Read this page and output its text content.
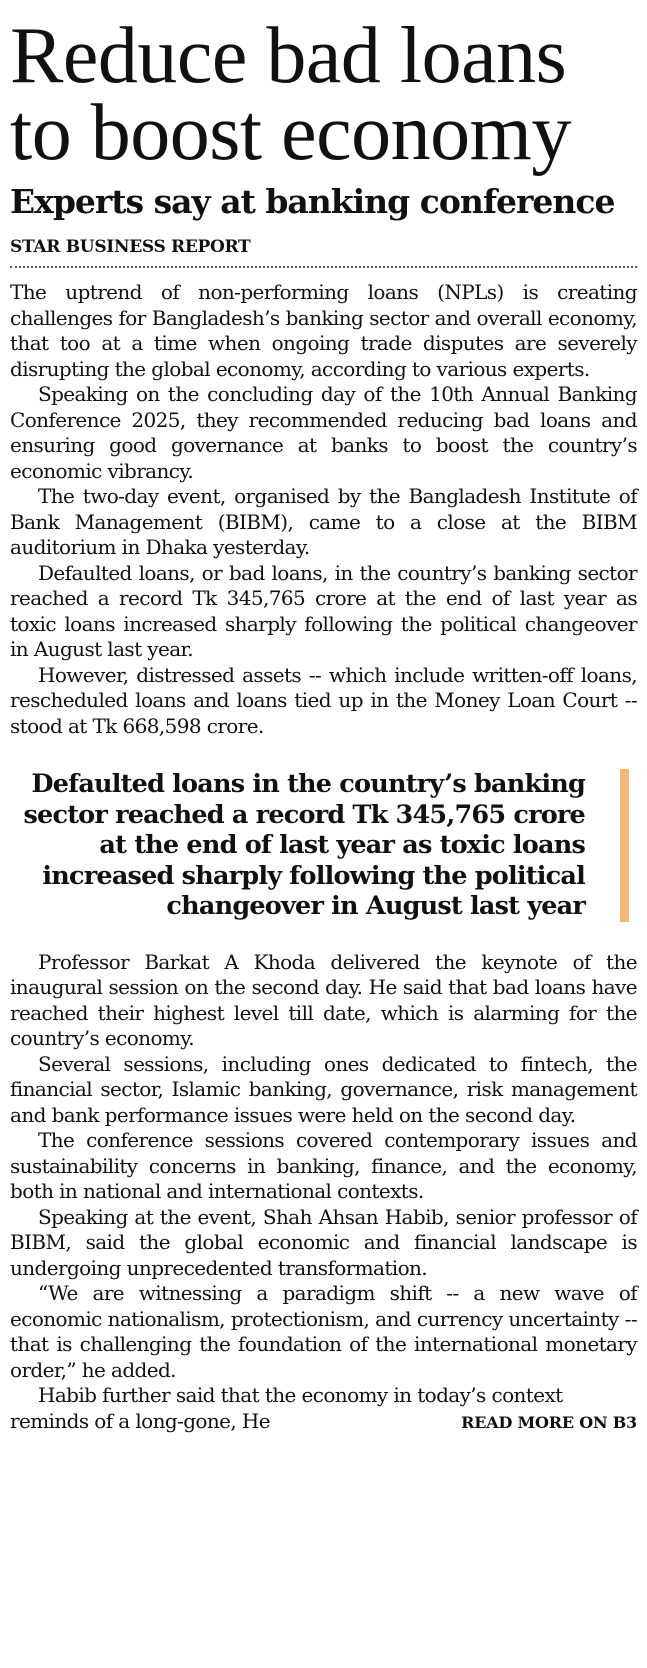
Reduce bad loans
to boost economy
Experts say at banking conference
STAR BUSINESS REPORT

The uptrend of non-performing loans (NPLs) is creating challenges for Bangladesh’s banking sector and overall economy, that too at a time when ongoing trade disputes are severely disrupting the global economy, according to various experts.

Speaking on the concluding day of the 10th Annual Banking Conference 2025, they recommended reducing bad loans and ensuring good governance at banks to boost the country’s economic vibrancy.

The two-day event, organised by the Bangladesh Institute of Bank Management (BIBM), came to a close at the BIBM auditorium in Dhaka yesterday.

Defaulted loans, or bad loans, in the country’s banking sector reached a record Tk 345,765 crore at the end of last year as toxic loans increased sharply following the political changeover in August last year.

However, distressed assets -- which include written-off loans, rescheduled loans and loans tied up in the Money Loan Court -- stood at Tk 668,598 crore.

Defaulted loans in the country’s banking sector reached a record Tk 345,765 crore at the end of last year as toxic loans increased sharply following the political changeover in August last year

Professor Barkat A Khoda delivered the keynote of the inaugural session on the second day. He said that bad loans have reached their highest level till date, which is alarming for the country’s economy.

Several sessions, including ones dedicated to fintech, the financial sector, Islamic banking, governance, risk management and bank performance issues were held on the second day.

The conference sessions covered contemporary issues and sustainability concerns in banking, finance, and the economy, both in national and international contexts.

Speaking at the event, Shah Ahsan Habib, senior professor of BIBM, said the global economic and financial landscape is undergoing unprecedented transformation.

“We are witnessing a paradigm shift -- a new wave of economic nationalism, protectionism, and currency uncertainty -- that is challenging the foundation of the international monetary order,” he added.

Habib further said that the economy in today’s context

reminds of a long-gone, He	READ MORE ON B3
